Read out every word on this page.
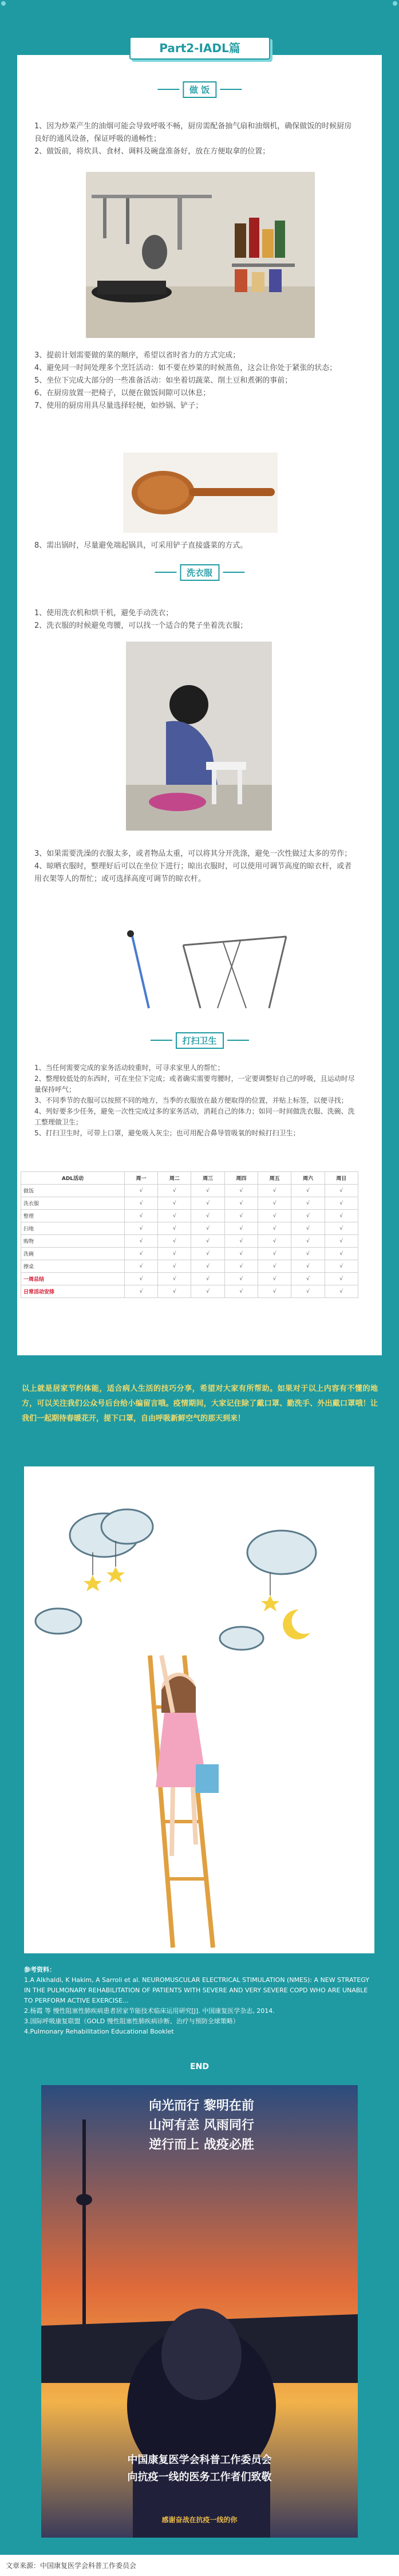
Part2-IADL篇
做 饭

1、因为炒菜产生的油烟可能会导致呼吸不畅，厨房需配备抽气扇和油烟机，确保做饭的时候厨房良好的通风设备，保证呼吸的通畅性；

2、做饭前，将炊具、食材、调料及碗盘准备好，放在方便取拿的位置；

3、提前计划需要做的菜的顺序，希望以省时省力的方式完成；

4、避免同一时间处理多个烹饪活动：如不要在炒菜的时候蒸鱼，这会让你处于紧张的状态；

5、坐位下完成大部分的一些准备活动：如坐着切蔬菜、削土豆和煮粥的事前；

6、在厨房放置一把椅子，以便在做饭间隙可以休息；

7、使用的厨房用具尽量选择轻便，如炒锅、铲子；

8、需出锅时，尽量避免端起锅具，可采用铲子直接盛菜的方式。

洗衣服

1、使用洗衣机和烘干机，避免手动洗衣；

2、洗衣服的时候避免弯腰，可以找一个适合的凳子坐着洗衣服；

3、如果需要洗澡的衣服太多，或者物品太重，可以将其分开洗涤，避免一次性做过太多的劳作；

4、晾晒衣服时，整理好后可以在坐位下进行；晾出衣服时，可以使用可调节高度的晾衣杆，或者用衣架等人的帮忙；或可选择高度可调节的晾衣杆。

打扫卫生

1、当任何需要完成的家务活动较重时，可寻求家里人的帮忙；

2、整理较低处的东西时，可在坐位下完成；或者确实需要弯腰时，一定要调整好自己的呼吸，且运动时尽量保持呼气；

3、不同季节的衣服可以按照不同的地方，当季的衣服放在最方便取得的位置，并贴上标签，以便寻找；

4、列好要多少任务，避免一次性完成过多的家务活动，消耗自己的体力；如同一时间做洗衣服、洗碗、洗工整理做卫生；

5、打扫卫生时，可带上口罩，避免吸入灰尘；也可用配合鼻导管吸氧的时候打扫卫生；

ADL活动	周一	周二	周三	周四	周五	周六	周日
做饭	√	√	√	√	√	√	√
洗衣服	√	√	√	√	√	√	√
整理	√	√	√	√	√	√	√
扫地	√	√	√	√	√	√	√
购物	√	√	√	√	√	√	√
洗碗	√	√	√	√	√	√	√
擦桌	√	√	√	√	√	√	√
一周总结	√	√	√	√	√	√	√
日常活动安排	√	√	√	√	√	√	√

以上就是居家节约体能，适合病人生活的技巧分享，希望对大家有所帮助。如果对于以上内容有不懂的地方，可以关注我们公众号后台给小编留言哦。疫情期间，大家记住除了戴口罩、勤洗手、外出戴口罩哦！让我们一起期待春暖花开，提下口罩，自由呼吸新鲜空气的那天到来！

参考资料：

1.A Alkhaldi, K Hakim, A Sarroli et al. NEUROMUSCULAR ELECTRICAL STIMULATION (NMES): A NEW STRATEGY IN THE PULMONARY REHABILITATION OF PATIENTS WITH SEVERE AND VERY SEVERE COPD WHO ARE UNABLE TO PERFORM ACTIVE EXERCISE...

2.杨霞 等 慢性阻塞性肺疾病患者居家节能技术临床运用研究[J]. 中国康复医学杂志, 2014.

3.国际呼吸康复联盟（GOLD 慢性阻塞性肺疾病诊断、治疗与预防全球策略）

4.Pulmonary Rehabilitation Educational Booklet

END

向光而行 黎明在前

山河有恙 风雨同行

逆行而上 战疫必胜

中国康复医学会科普工作委员会

向抗疫一线的医务工作者们致敬

感谢奋战在抗疫一线的你

文章来源：中国康复医学会科普工作委员会
